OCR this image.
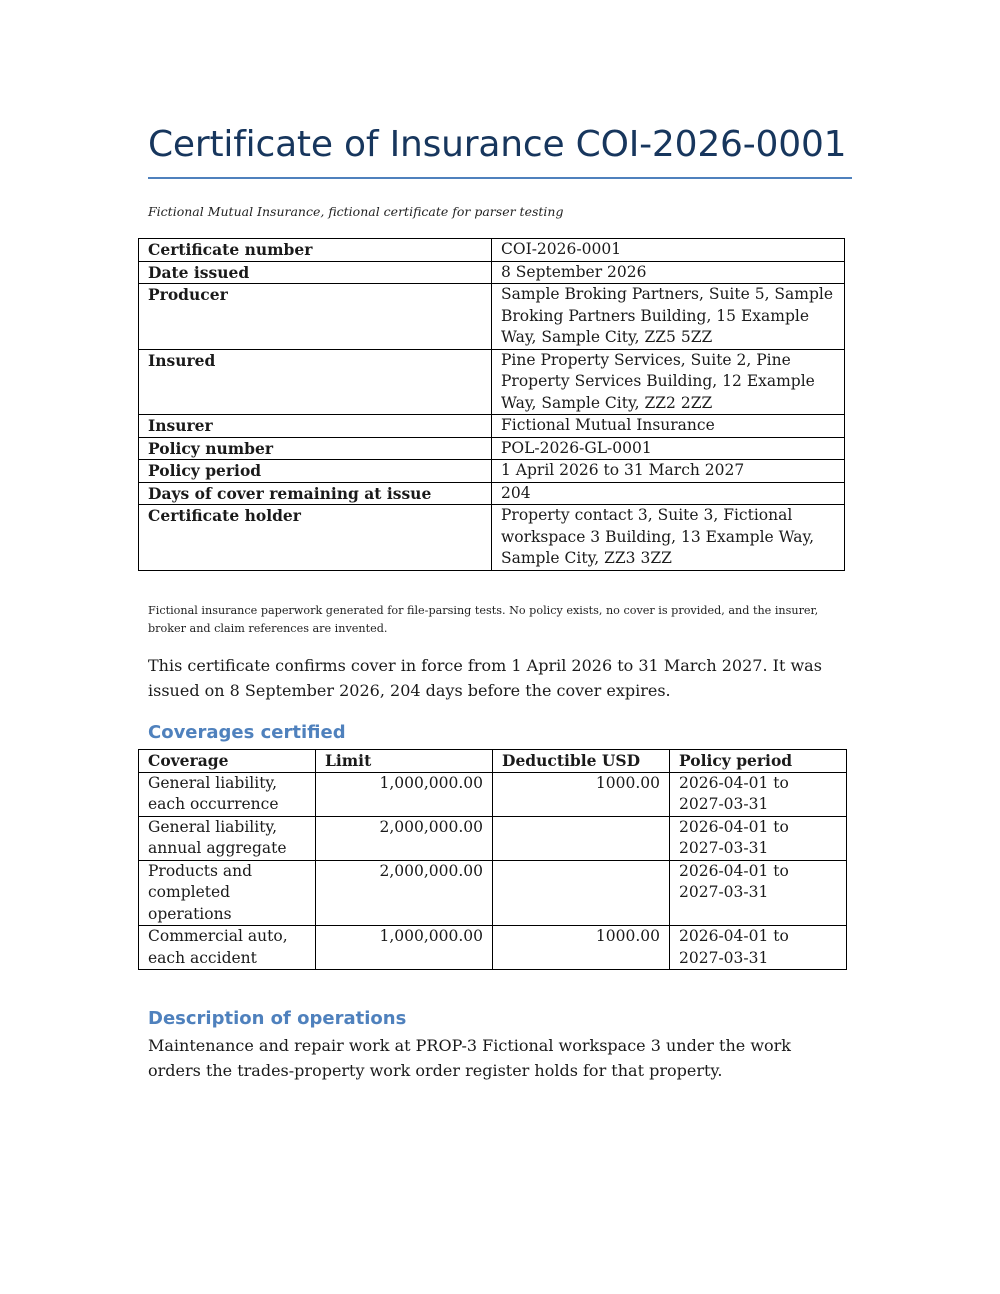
Certificate of Insurance COI-2026-0001

Fictional Mutual Insurance, fictional certificate for parser testing

Certificate number	COI-2026-0001
Date issued	8 September 2026
Producer	Sample Broking Partners, Suite 5, Sample Broking Partners Building, 15 Example Way, Sample City, ZZ5 5ZZ
Insured	Pine Property Services, Suite 2, Pine Property Services Building, 12 Example Way, Sample City, ZZ2 2ZZ
Insurer	Fictional Mutual Insurance
Policy number	POL-2026-GL-0001
Policy period	1 April 2026 to 31 March 2027
Days of cover remaining at issue	204
Certificate holder	Property contact 3, Suite 3, Fictional workspace 3 Building, 13 Example Way, Sample City, ZZ3 3ZZ

Fictional insurance paperwork generated for file-parsing tests. No policy exists, no cover is provided, and the insurer, broker and claim references are invented.

This certificate confirms cover in force from 1 April 2026 to 31 March 2027. It was issued on 8 September 2026, 204 days before the cover expires.

Coverages certified
Coverage	Limit	Deductible USD	Policy period
General liability, each occurrence	1,000,000.00	1000.00	2026-04-01 to 2027-03-31
General liability, annual aggregate	2,000,000.00		2026-04-01 to 2027-03-31
Products and completed operations	2,000,000.00		2026-04-01 to 2027-03-31
Commercial auto, each accident	1,000,000.00	1000.00	2026-04-01 to 2027-03-31
Description of operations

Maintenance and repair work at PROP-3 Fictional workspace 3 under the work orders the trades-property work order register holds for that property.
